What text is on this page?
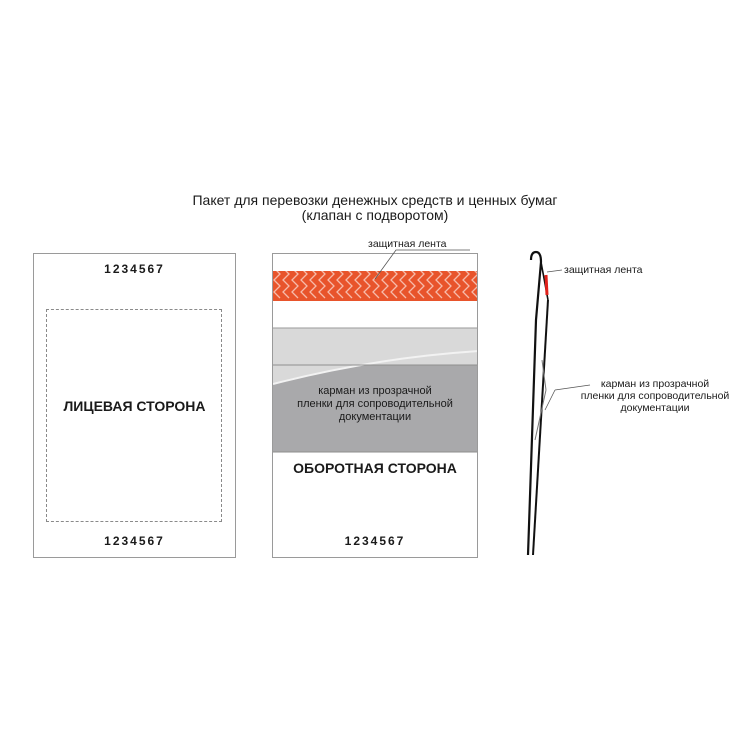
Пакет для перевозки денежных средств и ценных бумаг
(клапан с подворотом)
1234567
ЛИЦЕВАЯ СТОРОНА
1234567
карман из прозрачной
пленки для сопроводительной
документации
ОБОРОТНАЯ СТОРОНА
1234567
защитная лента
защитная лента
карман из прозрачной
пленки для сопроводительной
документации
